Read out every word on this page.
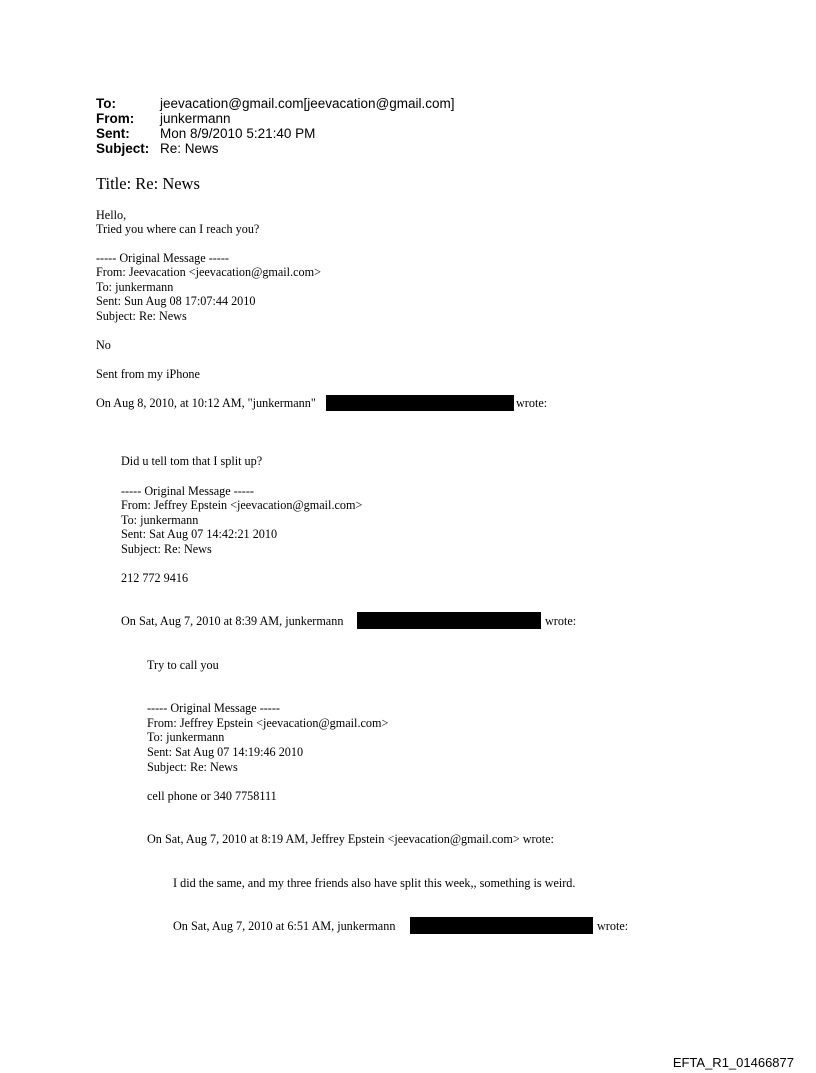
To:	jeevacation@gmail.com[jeevacation@gmail.com]
From: junkermann
Sent: Mon 8/9/2010 5:21:40 PM
Subject: Re: News
Title: Re: News
Hello,
Tried you where can I reach you?
----- Original Message -----
From: Jeevacation <jeevacation@gmail.com>
To: junkermann
Sent: Sun Aug 08 17:07:44 2010
Subject: Re: News
No
Sent from my iPhone
On Aug 8, 2010, at 10:12 AM, "junkermann"	wrote:
Did u tell tom that I split up?
----- Original Message -----
From: Jeffrey Epstein <jeevacation@gmail.com>
To: junkermann
Sent: Sat Aug 07 14:42:21 2010
Subject: Re: News
212 772 9416
On Sat, Aug 7, 2010 at 8:39 AM, junkermann	wrote:
Try to call you
----- Original Message -----
From: Jeffrey Epstein <jeevacation@gmail.com>
To: junkermann
Sent: Sat Aug 07 14:19:46 2010
Subject: Re: News
cell phone or 340 7758111
On Sat, Aug 7, 2010 at 8:19 AM, Jeffrey Epstein <jeevacation@gmail.com> wrote:
I did the same, and my three friends also have split this week,, something is weird.
On Sat, Aug 7, 2010 at 6:51 AM, junkermann	wrote:
EFTA_R1_01466877
